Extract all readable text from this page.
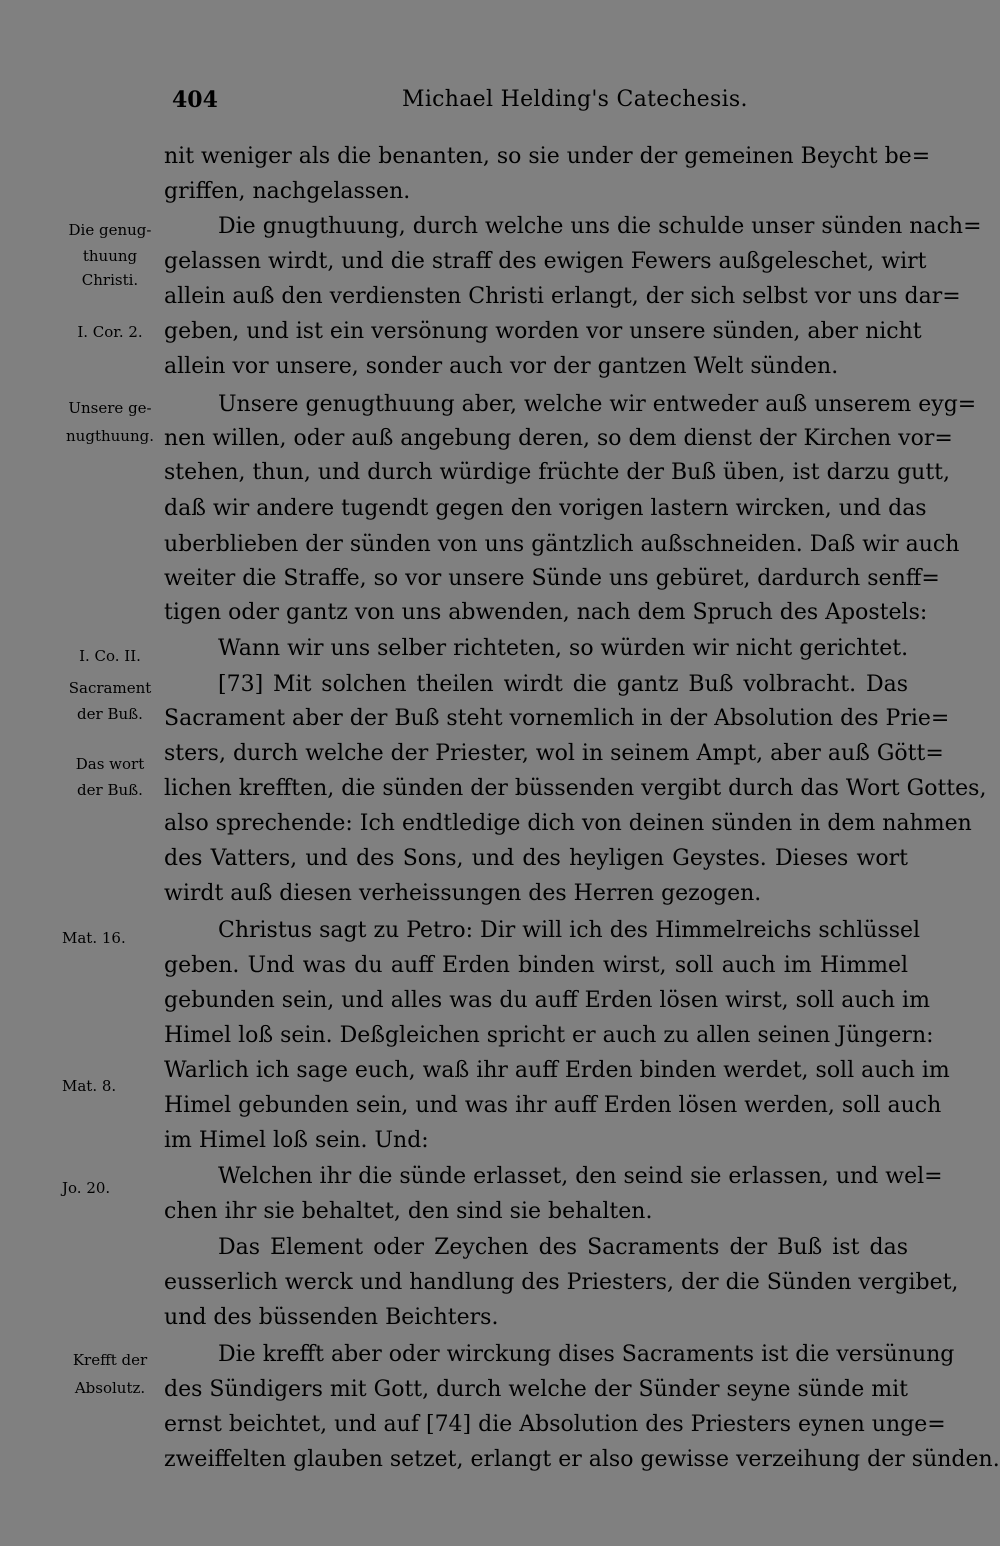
404	Michael Helding's Catechesis.
nit weniger als die benanten, so sie under der gemeinen Beycht be=
griffen, nachgelassen.
Die gnugthuung, durch welche uns die schulde unser sünden nach=
gelassen wirdt, und die straff des ewigen Fewers außgeleschet, wirt
allein auß den verdiensten Christi erlangt, der sich selbst vor uns dar=
geben, und ist ein versönung worden vor unsere sünden, aber nicht
allein vor unsere, sonder auch vor der gantzen Welt sünden.
Unsere genugthuung aber, welche wir entweder auß unserem eyg=
nen willen, oder auß angebung deren, so dem dienst der Kirchen vor=
stehen, thun, und durch würdige früchte der Buß üben, ist darzu gutt,
daß wir andere tugendt gegen den vorigen lastern wircken, und das
uberblieben der sünden von uns gäntzlich außschneiden. Daß wir auch
weiter die Straffe, so vor unsere Sünde uns gebüret, dardurch senff=
tigen oder gantz von uns abwenden, nach dem Spruch des Apostels:
Wann wir uns selber richteten, so würden wir nicht gerichtet.
[73] Mit solchen theilen wirdt die gantz Buß volbracht. Das
Sacrament aber der Buß steht vornemlich in der Absolution des Prie=
sters, durch welche der Priester, wol in seinem Ampt, aber auß Gött=
lichen krefften, die sünden der büssenden vergibt durch das Wort Gottes,
also sprechende: Ich endtledige dich von deinen sünden in dem nahmen
des Vatters, und des Sons, und des heyligen Geystes. Dieses wort
wirdt auß diesen verheissungen des Herren gezogen.
Christus sagt zu Petro: Dir will ich des Himmelreichs schlüssel
geben. Und was du auff Erden binden wirst, soll auch im Himmel
gebunden sein, und alles was du auff Erden lösen wirst, soll auch im
Himel loß sein. Deßgleichen spricht er auch zu allen seinen Jüngern:
Warlich ich sage euch, waß ihr auff Erden binden werdet, soll auch im
Himel gebunden sein, und was ihr auff Erden lösen werden, soll auch
im Himel loß sein. Und:
Welchen ihr die sünde erlasset, den seind sie erlassen, und wel=
chen ihr sie behaltet, den sind sie behalten.
Das Element oder Zeychen des Sacraments der Buß ist das
eusserlich werck und handlung des Priesters, der die Sünden vergibet,
und des büssenden Beichters.
Die krefft aber oder wirckung dises Sacraments ist die versünung
des Sündigers mit Gott, durch welche der Sünder seyne sünde mit
ernst beichtet, und auf [74] die Absolution des Priesters eynen unge=
zweiffelten glauben setzet, erlangt er also gewisse verzeihung der sünden.
Die genug-
thuung
Christi.
I. Cor. 2.
Unsere ge-
nugthuung.
I. Co. II.
Sacrament
der Buß.
Das wort
der Buß.
Mat. 16.
Mat. 8.
Jo. 20.
Krefft der
Absolutz.
